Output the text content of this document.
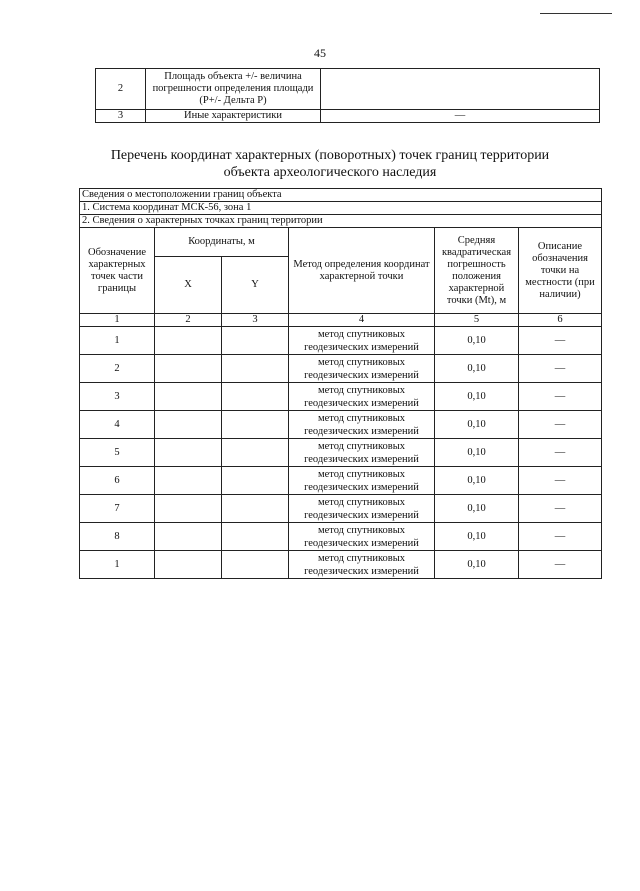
45
2	Площадь объекта +/- величина погрешности определения площади (P+/- Дельта P)	
3	Иные характеристики	—
Перечень координат характерных (поворотных) точек границ территории
объекта археологического наследия
Сведения о местоположении границ объекта					
1. Система координат МСК-56, зона 1					
2. Сведения о характерных точках границ территории					
Обозначение характерных точек части границы	Координаты, м		Метод определения координат характерной точки	Средняя квадратическая погрешность положения характерной точки (Mt), м	Описание обозначения точки на местности (при наличии)
	X	Y			
1	2	3	4	5	6
1			метод спутниковых геодезических измерений	0,10	—
2			метод спутниковых геодезических измерений	0,10	—
3			метод спутниковых геодезических измерений	0,10	—
4			метод спутниковых геодезических измерений	0,10	—
5			метод спутниковых геодезических измерений	0,10	—
6			метод спутниковых геодезических измерений	0,10	—
7			метод спутниковых геодезических измерений	0,10	—
8			метод спутниковых геодезических измерений	0,10	—
1			метод спутниковых геодезических измерений	0,10	—
